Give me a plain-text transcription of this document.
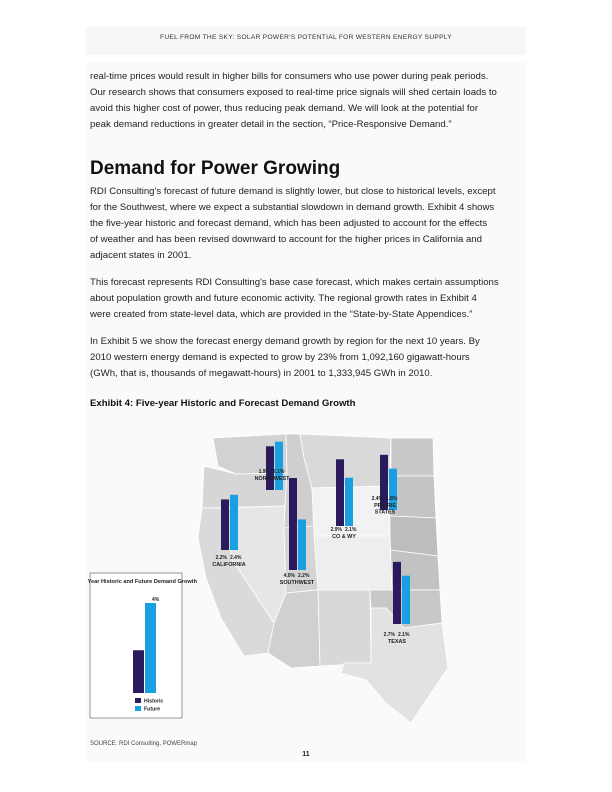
FUEL FROM THE SKY: SOLAR POWER'S POTENTIAL FOR WESTERN ENERGY SUPPLY

real-time prices would result in higher bills for consumers who use power during peak periods.

Our research shows that consumers exposed to real-time price signals will shed certain loads to

avoid this higher cost of power, thus reducing peak demand. We will look at the potential for

peak demand reductions in greater detail in the section, “Price-Responsive Demand.”

Demand for Power Growing

RDI Consulting's forecast of future demand is slightly lower, but close to historical levels, except

for the Southwest, where we expect a substantial slowdown in demand growth. Exhibit 4 shows

the five-year historic and forecast demand, which has been adjusted to account for the effects

of weather and has been revised downward to account for the higher prices in California and

adjacent states in 2001.

This forecast represents RDI Consulting's base case forecast, which makes certain assumptions

about population growth and future economic activity. The regional growth rates in Exhibit 4

were created from state-level data, which are provided in the “State-by-State Appendices.”

In Exhibit 5 we show the forecast energy demand growth by region for the next 10 years. By

2010 western energy demand is expected to grow by 23% from 1,092,160 gigawatt-hours

(GWh, that is, thousands of megawatt-hours) in 2001 to 1,333,945 GWh in 2010.

Exhibit 4: Five-year Historic and Forecast Demand Growth

Five Year Historic and Future Demand Growth
4%
Historic
Future
1.9% 2.1%
NORTHWEST
2.4% 1.8%
PRAIRIE
STATES
2.9% 2.1%
CO & WY
2.2% 2.4%
CALIFORNIA
4.0% 2.2%
SOUTHWEST
2.7% 2.1%
TEXAS
SOURCE: RDI Consulting, POWERmap
11
